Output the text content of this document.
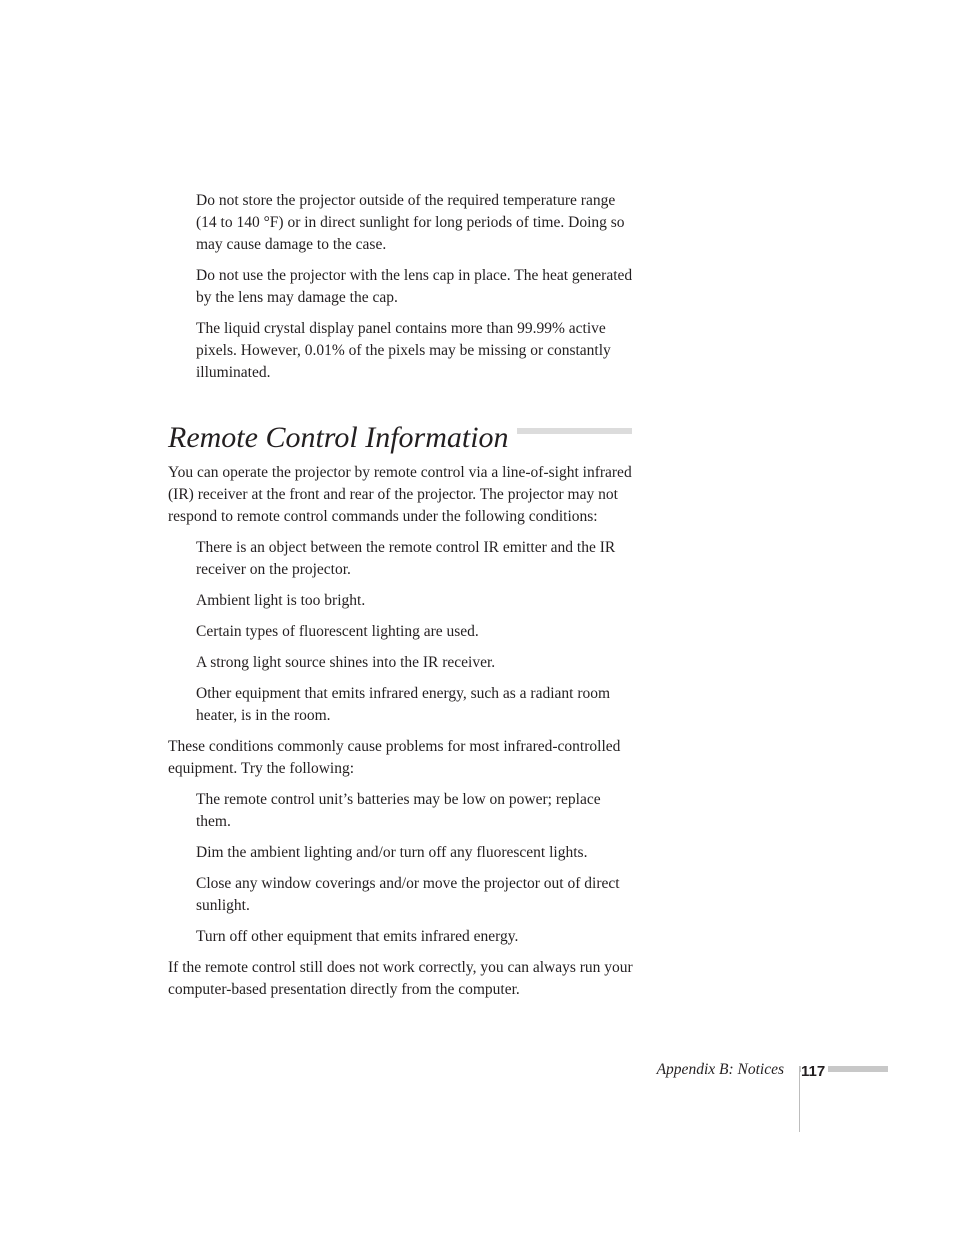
Do not store the projector outside of the required temperature range (14 to 140 °F) or in direct sunlight for long periods of time. Doing so may cause damage to the case.

Do not use the projector with the lens cap in place. The heat generated by the lens may damage the cap.

The liquid crystal display panel contains more than 99.99% active pixels. However, 0.01% of the pixels may be missing or constantly illuminated.

Remote Control Information

You can operate the projector by remote control via a line-of-sight infrared (IR) receiver at the front and rear of the projector. The projector may not respond to remote control commands under the following conditions:

There is an object between the remote control IR emitter and the IR receiver on the projector.

Ambient light is too bright.

Certain types of fluorescent lighting are used.

A strong light source shines into the IR receiver.

Other equipment that emits infrared energy, such as a radiant room heater, is in the room.

These conditions commonly cause problems for most infrared-controlled equipment. Try the following:

The remote control unit’s batteries may be low on power; replace them.

Dim the ambient lighting and/or turn off any fluorescent lights.

Close any window coverings and/or move the projector out of direct sunlight.

Turn off other equipment that emits infrared energy.

If the remote control still does not work correctly, you can always run your computer-based presentation directly from the computer.

Appendix B: Notices 117
